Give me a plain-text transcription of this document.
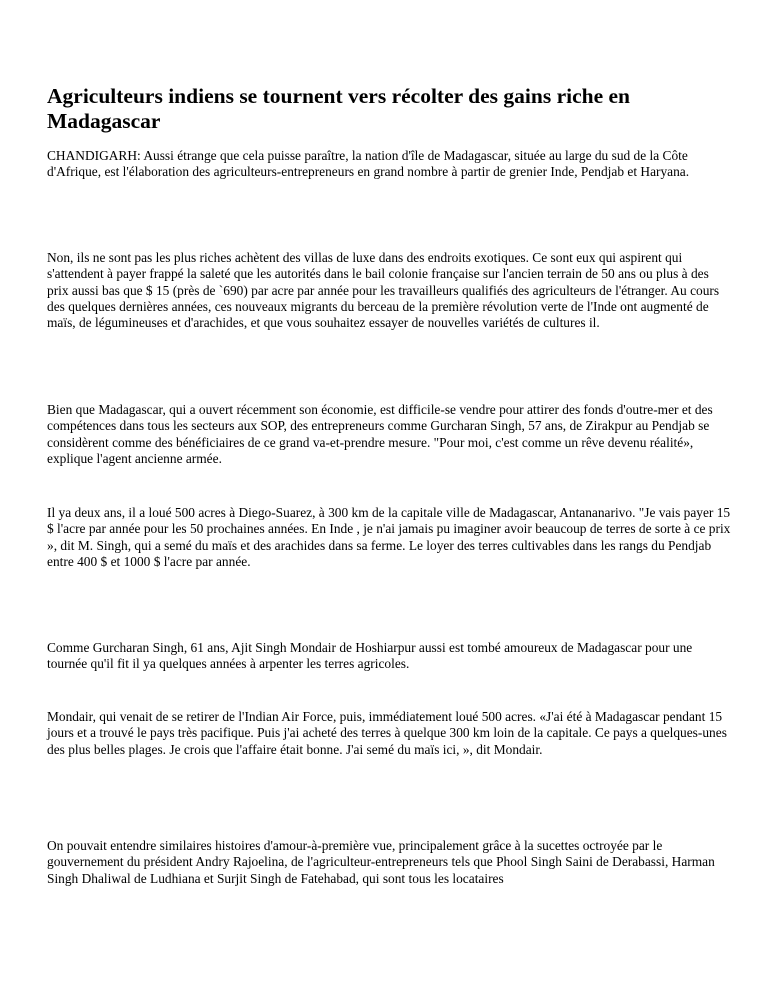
Agriculteurs indiens se tournent vers récolter des gains riche en Madagascar

CHANDIGARH: Aussi étrange que cela puisse paraître, la nation d'île de Madagascar, située au large du sud de la Côte d'Afrique, est l'élaboration des agriculteurs-entrepreneurs en grand nombre à partir de grenier Inde, Pendjab et Haryana.

Non, ils ne sont pas les plus riches achètent des villas de luxe dans des endroits exotiques. Ce sont eux qui aspirent qui s'attendent à payer frappé la saleté que les autorités dans le bail colonie française sur l'ancien terrain de 50 ans ou plus à des prix aussi bas que $ 15 (près de `690) par acre par année pour les travailleurs qualifiés des agriculteurs de l'étranger. Au cours des quelques dernières années, ces nouveaux migrants du berceau de la première révolution verte de l'Inde ont augmenté de maïs, de légumineuses et d'arachides, et que vous souhaitez essayer de nouvelles variétés de cultures il.

Bien que Madagascar, qui a ouvert récemment son économie, est difficile-se vendre pour attirer des fonds d'outre-mer et des compétences dans tous les secteurs aux SOP, des entrepreneurs comme Gurcharan Singh, 57 ans, de Zirakpur au Pendjab se considèrent comme des bénéficiaires de ce grand va-et-prendre mesure. "Pour moi, c'est comme un rêve devenu réalité», explique l'agent ancienne armée.

Il ya deux ans, il a loué 500 acres à Diego-Suarez, à 300 km de la capitale ville de Madagascar, Antananarivo. "Je vais payer 15 $ l'acre par année pour les 50 prochaines années. En Inde , je n'ai jamais pu imaginer avoir beaucoup de terres de sorte à ce prix », dit M. Singh, qui a semé du maïs et des arachides dans sa ferme. Le loyer des terres cultivables dans les rangs du Pendjab entre 400 $ et 1000 $ l'acre par année.

Comme Gurcharan Singh, 61 ans, Ajit Singh Mondair de Hoshiarpur aussi est tombé amoureux de Madagascar pour une tournée qu'il fit il ya quelques années à arpenter les terres agricoles.

Mondair, qui venait de se retirer de l'Indian Air Force, puis, immédiatement loué 500 acres. «J'ai été à Madagascar pendant 15 jours et a trouvé le pays très pacifique. Puis j'ai acheté des terres à quelque 300 km loin de la capitale. Ce pays a quelques-unes des plus belles plages. Je crois que l'affaire était bonne. J'ai semé du maïs ici, », dit Mondair.

On pouvait entendre similaires histoires d'amour-à-première vue, principalement grâce à la sucettes octroyée par le gouvernement du président Andry Rajoelina, de l'agriculteur-entrepreneurs tels que Phool Singh Saini de Derabassi, Harman Singh Dhaliwal de Ludhiana et Surjit Singh de Fatehabad, qui sont tous les locataires
